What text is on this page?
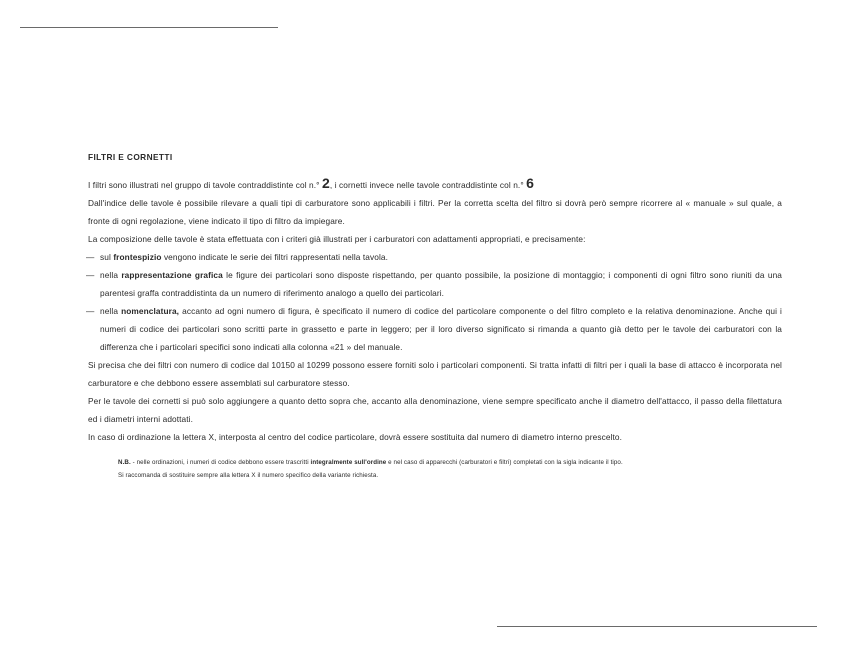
FILTRI E CORNETTI

I filtri sono illustrati nel gruppo di tavole contraddistinte col n.° 2, i cornetti invece nelle tavole contraddistinte col n.° 6

Dall'indice delle tavole è possibile rilevare a quali tipi di carburatore sono applicabili i filtri. Per la corretta scelta del filtro si dovrà però sempre ricorrere al « manuale » sul quale, a fronte di ogni regolazione, viene indicato il tipo di filtro da impiegare.

La composizione delle tavole è stata effettuata con i criteri già illustrati per i carburatori con adattamenti appropriati, e precisamente:

— sul frontespizio vengono indicate le serie dei filtri rappresentati nella tavola.
— nella rappresentazione grafica le figure dei particolari sono disposte rispettando, per quanto possibile, la posizione di montaggio; i componenti di ogni filtro sono riuniti da una parentesi graffa contraddistinta da un numero di riferimento analogo a quello dei particolari.
— nella nomenclatura, accanto ad ogni numero di figura, è specificato il numero di codice del particolare componente o del filtro completo e la relativa denominazione. Anche qui i numeri di codice dei particolari sono scritti parte in grassetto e parte in leggero; per il loro diverso significato si rimanda a quanto già detto per le tavole dei carburatori con la differenza che i particolari specifici sono indicati alla colonna «21 » del manuale.

Si precisa che dei filtri con numero di codice dal 10150 al 10299 possono essere forniti solo i particolari componenti. Si tratta infatti di filtri per i quali la base di attacco è incorporata nel carburatore e che debbono essere assemblati sul carburatore stesso.

Per le tavole dei cornetti si può solo aggiungere a quanto detto sopra che, accanto alla denominazione, viene sempre specificato anche il diametro dell'attacco, il passo della filettatura ed i diametri interni adottati.

In caso di ordinazione la lettera X, interposta al centro del codice particolare, dovrà essere sostituita dal numero di diametro interno prescelto.

N.B. - nelle ordinazioni, i numeri di codice debbono essere trascritti integralmente sull'ordine e nel caso di apparecchi (carburatori e filtri) completati con la sigla indicante il tipo.

Si raccomanda di sostituire sempre alla lettera X il numero specifico della variante richiesta.
